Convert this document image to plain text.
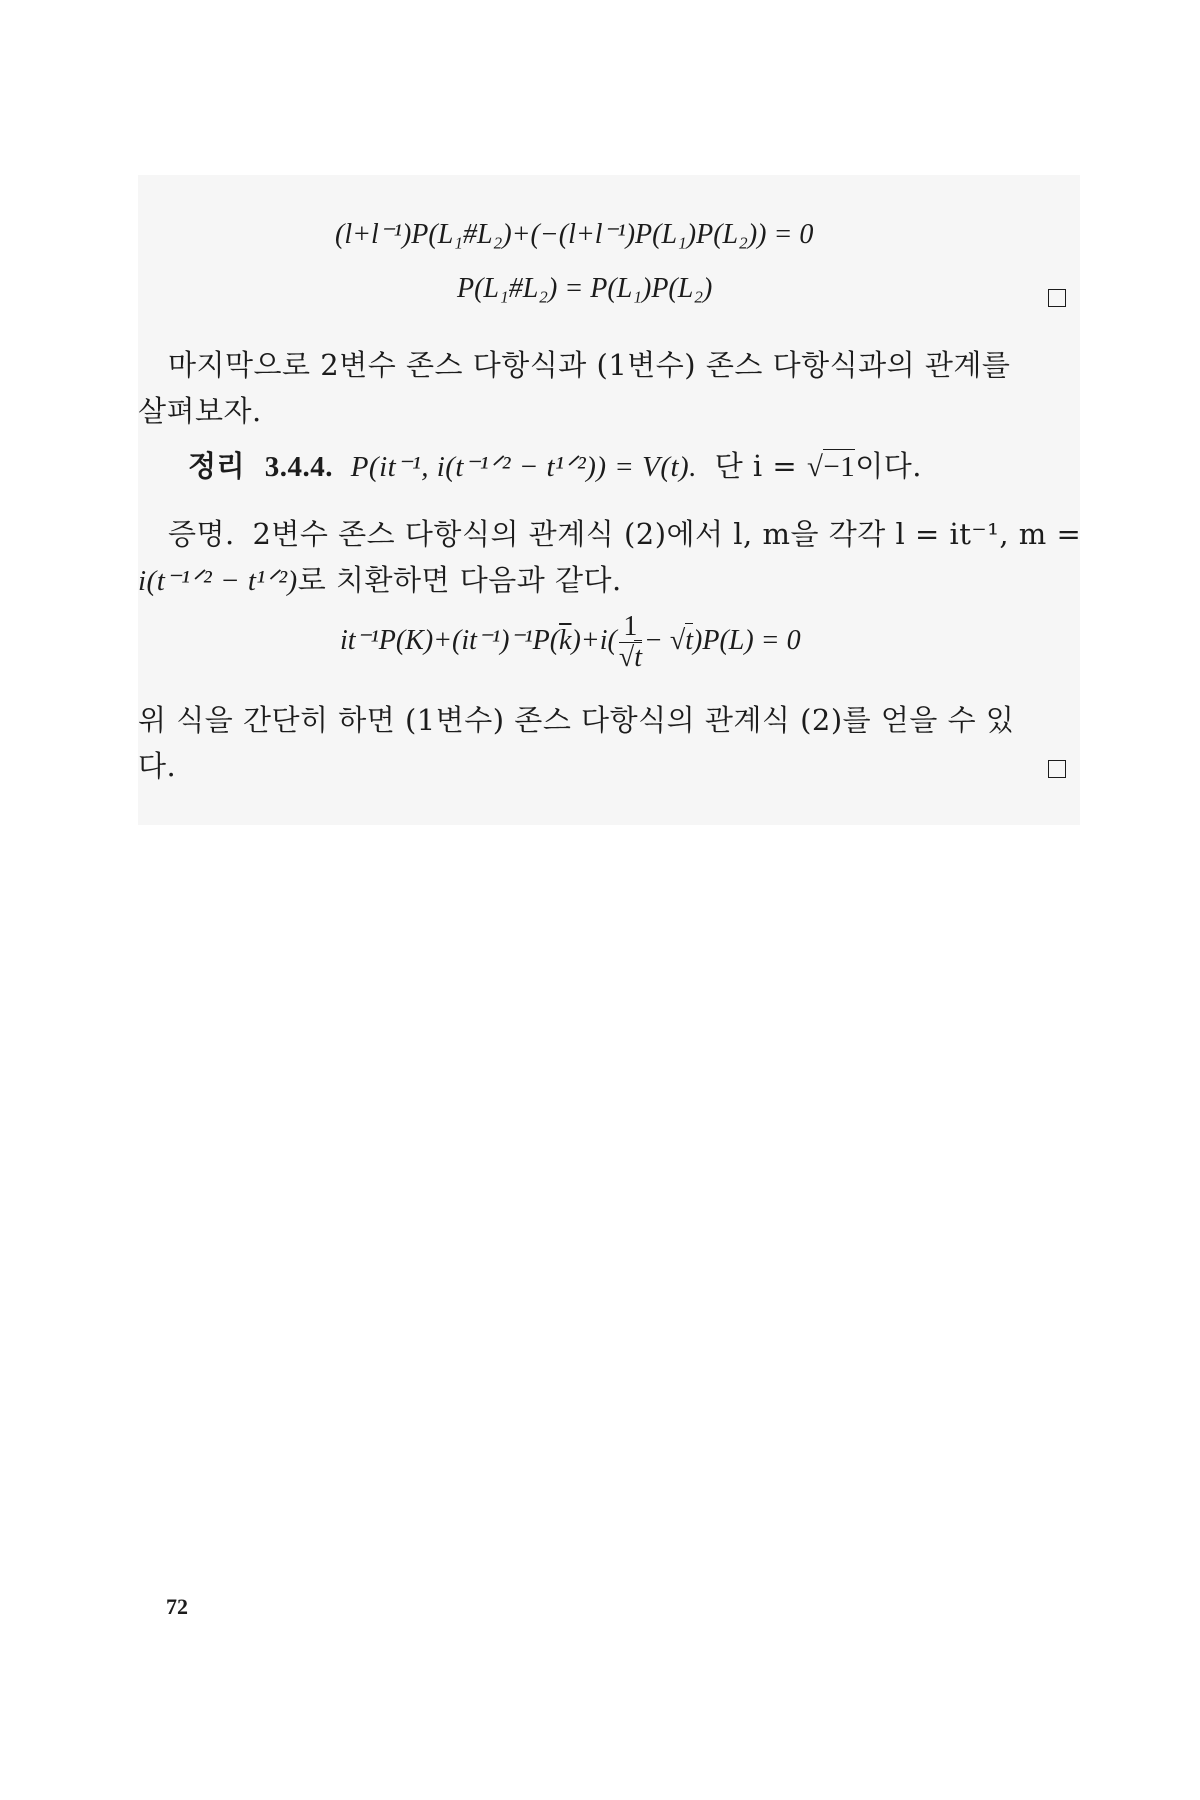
(l+l⁻¹)P(L₁#L₂)+(−(l+l⁻¹)P(L₁)P(L₂)) = 0
P(L₁#L₂) = P(L₁)P(L₂)
마지막으로 2변수 존스 다항식과 (1변수) 존스 다항식과의 관계를
살펴보자.
정리 3.4.4. P(it⁻¹, i(t⁻¹ᐟ² − t¹ᐟ²)) = V(t). 단 i = √−1이다.
증명. 2변수 존스 다항식의 관계식 (2)에서 l, m을 각각 l = it⁻¹, m =
i(t⁻¹ᐟ² − t¹ᐟ²)로 치환하면 다음과 같다.
$it^{-1}P(K)+(it^{-1})^{-1}P(\overline{k})+i( \frac{1}{√t} - √t)P(L) = 0$
위 식을 간단히 하면 (1변수) 존스 다항식의 관계식 (2)를 얻을 수 있
다.
72
